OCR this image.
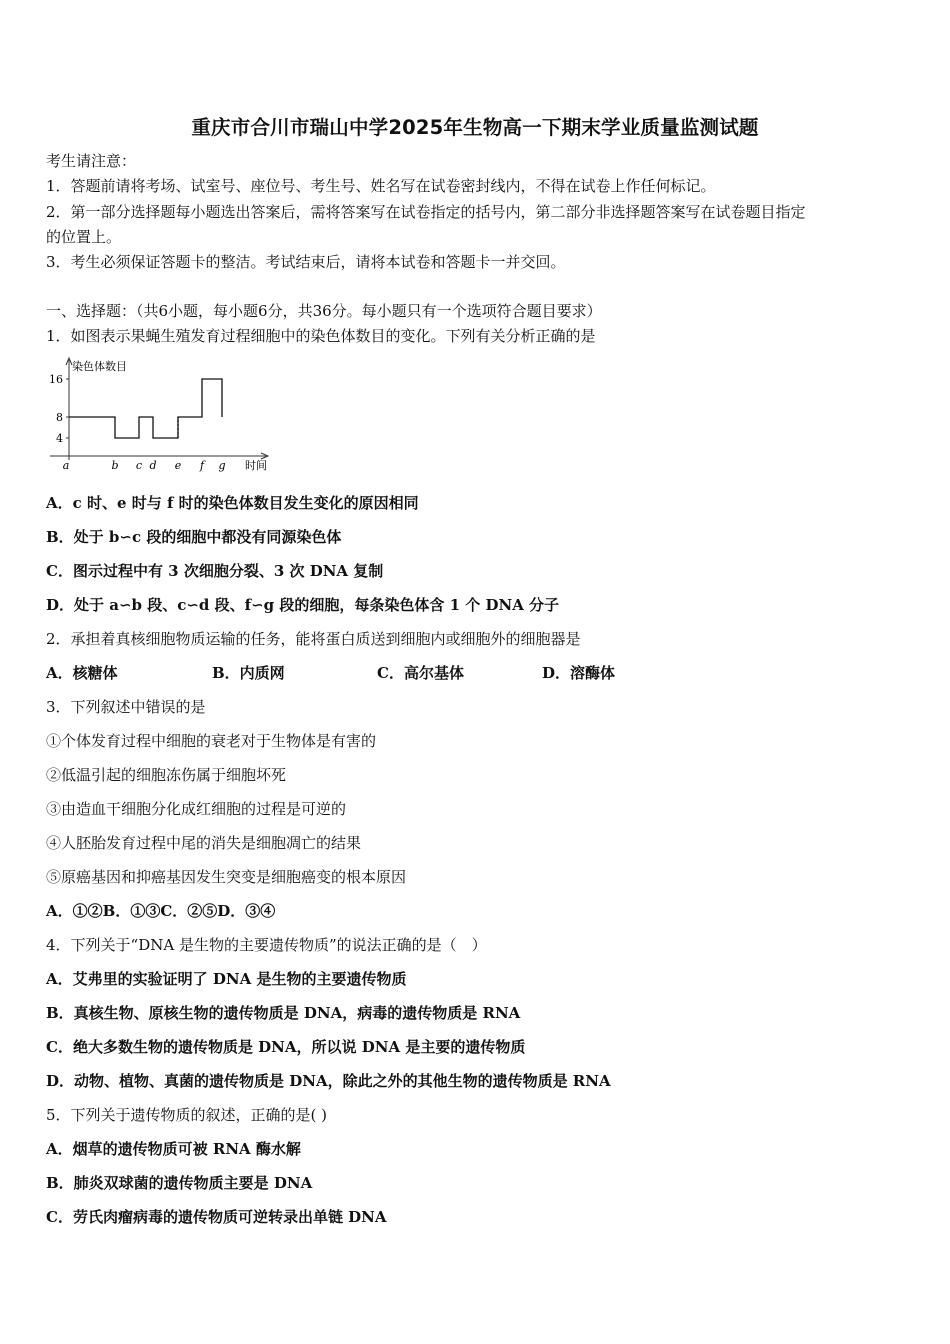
重庆市合川市瑞山中学2025年生物高一下期末学业质量监测试题
考生请注意：
1．答题前请将考场、试室号、座位号、考生号、姓名写在试卷密封线内，不得在试卷上作任何标记。
2．第一部分选择题每小题选出答案后，需将答案写在试卷指定的括号内，第二部分非选择题答案写在试卷题目指定
的位置上。
3．考生必须保证答题卡的整洁。考试结束后，请将本试卷和答题卡一并交回。
一、选择题：（共6小题，每小题6分，共36分。每小题只有一个选项符合题目要求）
1．如图表示果蝇生殖发育过程细胞中的染色体数目的变化。下列有关分析正确的是
16
8
4
a	b c d e f g
染色体数目
时间
A．c 时、e 时与 f 时的染色体数目发生变化的原因相同
B．处于 b∽c 段的细胞中都没有同源染色体
C．图示过程中有 3 次细胞分裂、3 次 DNA 复制
D．处于 a∽b 段、c∽d 段、f∽g 段的细胞，每条染色体含 1 个 DNA 分子
2．承担着真核细胞物质运输的任务，能将蛋白质送到细胞内或细胞外的细胞器是
A．核糖体	B．内质网	C．高尔基体	D．溶酶体
3．下列叙述中错误的是
①个体发育过程中细胞的衰老对于生物体是有害的
②低温引起的细胞冻伤属于细胞坏死
③由造血干细胞分化成红细胞的过程是可逆的
④人胚胎发育过程中尾的消失是细胞凋亡的结果
⑤原癌基因和抑癌基因发生突变是细胞癌变的根本原因
A．①②B．①③C．②⑤D．③④
4．下列关于“DNA 是生物的主要遗传物质”的说法正确的是（　）
A．艾弗里的实验证明了 DNA 是生物的主要遗传物质
B．真核生物、原核生物的遗传物质是 DNA，病毒的遗传物质是 RNA
C．绝大多数生物的遗传物质是 DNA，所以说 DNA 是主要的遗传物质
D．动物、植物、真菌的遗传物质是 DNA，除此之外的其他生物的遗传物质是 RNA
5．下列关于遗传物质的叙述，正确的是( )
A．烟草的遗传物质可被 RNA 酶水解
B．肺炎双球菌的遗传物质主要是 DNA
C．劳氏肉瘤病毒的遗传物质可逆转录出单链 DNA
